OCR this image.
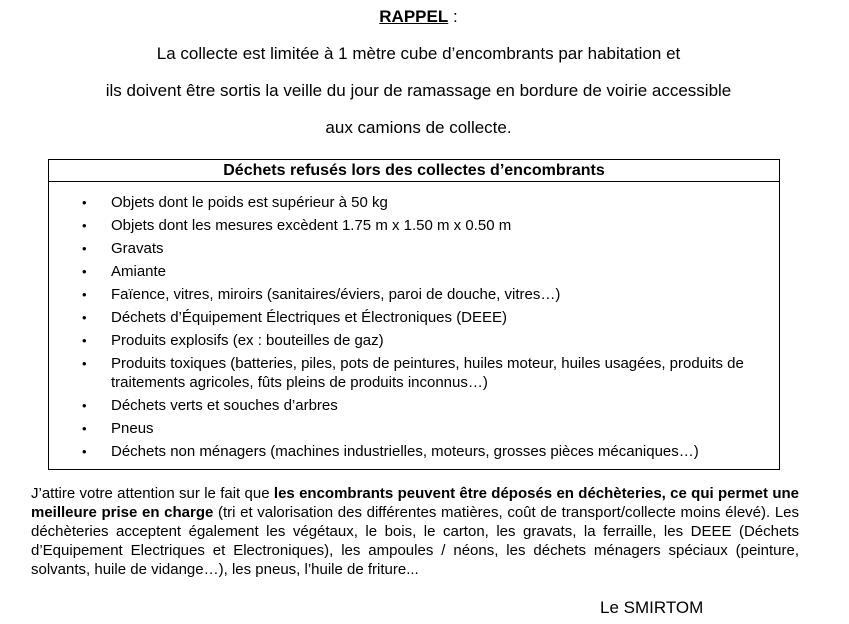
RAPPEL :
La collecte est limitée à 1 mètre cube d’encombrants par habitation et
ils doivent être sortis la veille du jour de ramassage en bordure de voirie accessible
aux camions de collecte.
Déchets refusés lors des collectes d’encombrants
• Objets dont le poids est supérieur à 50 kg
• Objets dont les mesures excèdent 1.75 m x 1.50 m x 0.50 m
• Gravats
• Amiante
• Faïence, vitres, miroirs (sanitaires/éviers, paroi de douche, vitres…)
• Déchets d’Équipement Électriques et Électroniques (DEEE)
• Produits explosifs (ex : bouteilles de gaz)
• Produits toxiques (batteries, piles, pots de peintures, huiles moteur, huiles usagées, produits de traitements agricoles, fûts pleins de produits inconnus…)
• Déchets verts et souches d’arbres
• Pneus
• Déchets non ménagers (machines industrielles, moteurs, grosses pièces mécaniques…)
J’attire votre attention sur le fait que les encombrants peuvent être déposés en déchèteries, ce qui permet une meilleure prise en charge (tri et valorisation des différentes matières, coût de transport/collecte moins élevé). Les déchèteries acceptent également les végétaux, le bois, le carton, les gravats, la ferraille, les DEEE (Déchets d’Equipement Electriques et Electroniques), les ampoules / néons, les déchets ménagers spéciaux (peinture, solvants, huile de vidange…), les pneus, l’huile de friture...
Le SMIRTOM
